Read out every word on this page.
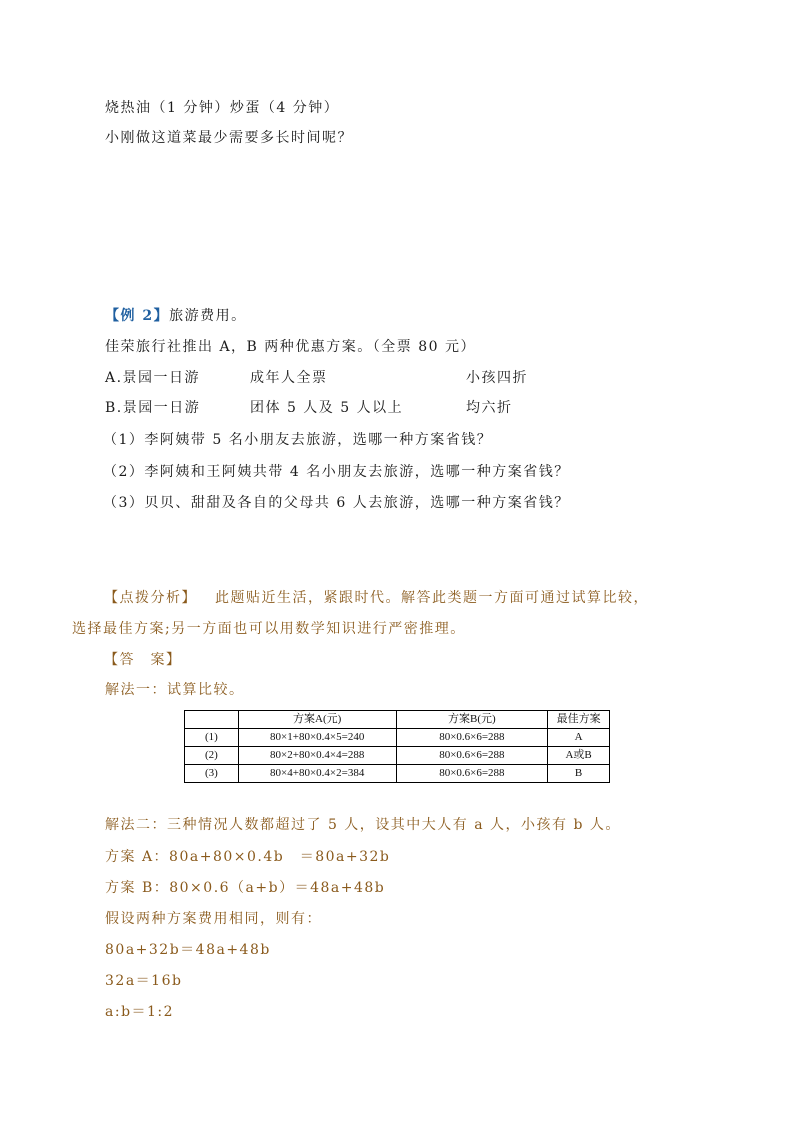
烧热油（1 分钟）炒蛋（4 分钟）
小刚做这道菜最少需要多长时间呢？
【例 2】旅游费用。
佳荣旅行社推出 A，B 两种优惠方案。（全票 80 元）
A.景园一日游	成年人全票	小孩四折
B.景园一日游	团体 5 人及 5 人以上	均六折
（1）李阿姨带 5 名小朋友去旅游，选哪一种方案省钱？
（2）李阿姨和王阿姨共带 4 名小朋友去旅游，选哪一种方案省钱？
（3）贝贝、甜甜及各自的父母共 6 人去旅游，选哪一种方案省钱？
【点拨分析】 此题贴近生活，紧跟时代。解答此类题一方面可通过试算比较，
选择最佳方案;另一方面也可以用数学知识进行严密推理。
【答　案】
解法一：试算比较。
	方案A(元)	方案B(元)	最佳方案
(1)	80×1+80×0.4×5=240	80×0.6×6=288	A
(2)	80×2+80×0.4×4=288	80×0.6×6=288	A或B
(3)	80×4+80×0.4×2=384	80×0.6×6=288	B
解法二：三种情况人数都超过了 5 人，设其中大人有 a 人，小孩有 b 人。
方案 A：80a+80×0.4b　＝80a+32b
方案 B：80×0.6（a+b）＝48a+48b
假设两种方案费用相同，则有：
80a+32b＝48a+48b
32a＝16b
a:b＝1:2
